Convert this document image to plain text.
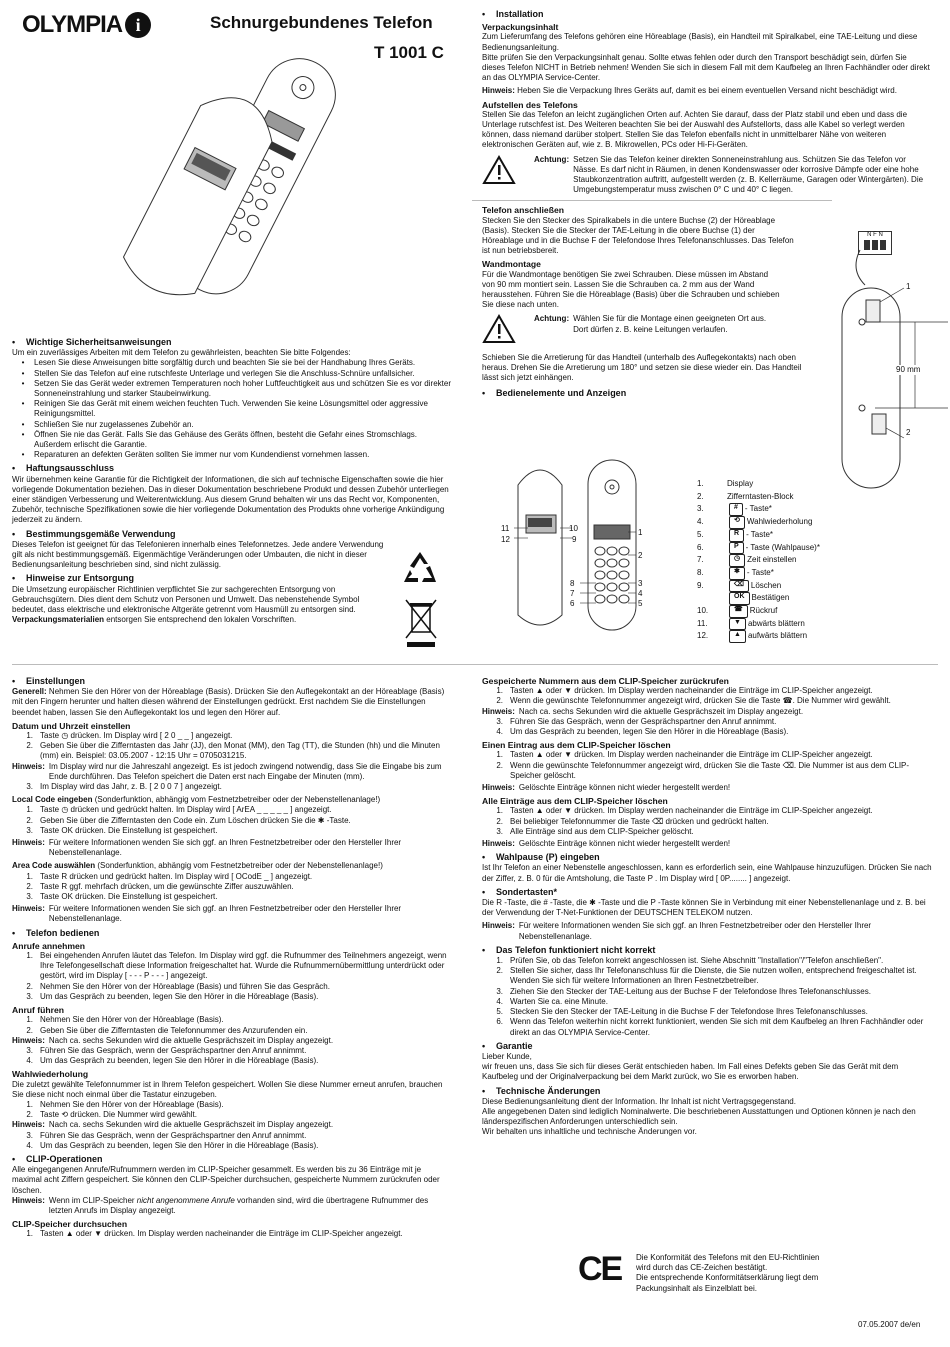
OLYMPIA i	Schnurgebundenes Telefon
T 1001 C
•	Wichtige Sicherheitsanweisungen
Um ein zuverlässiges Arbeiten mit dem Telefon zu gewährleisten, beachten Sie bitte Folgendes:
•	Lesen Sie diese Anweisungen bitte sorgfältig durch und beachten Sie sie bei der Handhabung Ihres Geräts.
•	Stellen Sie das Telefon auf eine rutschfeste Unterlage und verlegen Sie die Anschluss-Schnüre unfallsicher.
•	Setzen Sie das Gerät weder extremen Temperaturen noch hoher Luftfeuchtigkeit aus und schützen Sie es vor direkter Sonneneinstrahlung und starker Staubeinwirkung.
•	Reinigen Sie das Gerät mit einem weichen feuchten Tuch. Verwenden Sie keine Lösungsmittel oder aggressive Reinigungsmittel.
•	Schließen Sie nur zugelassenes Zubehör an.
•	Öffnen Sie nie das Gerät. Falls Sie das Gehäuse des Geräts öffnen, besteht die Gefahr eines Stromschlags. Außerdem erlischt die Garantie.
•	Reparaturen an defekten Geräten sollten Sie immer nur vom Kundendienst vornehmen lassen.
•	Haftungsausschluss
Wir übernehmen keine Garantie für die Richtigkeit der Informationen, die sich auf technische Eigenschaften sowie die hier vorliegende Dokumentation beziehen. Das in dieser Dokumentation beschriebene Produkt und dessen Zubehör unterliegen einer ständigen Verbesserung und Weiterentwicklung. Aus diesem Grund behalten wir uns das Recht vor, Komponenten, Zubehör, technische Spezifikationen sowie die hier vorliegende Dokumentation des Produkts ohne vorherige Ankündigung jederzeit zu ändern.
•	Bestimmungsgemäße Verwendung
Dieses Telefon ist geeignet für das Telefonieren innerhalb eines Telefonnetzes. Jede andere Verwendung gilt als nicht bestimmungsgemäß. Eigenmächtige Veränderungen oder Umbauten, die nicht in dieser Bedienungsanleitung beschrieben sind, sind nicht zulässig.
•	Hinweise zur Entsorgung
Die Umsetzung europäischer Richtlinien verpflichtet Sie zur sachgerechten Entsorgung von Gebrauchsgütern. Dies dient dem Schutz von Personen und Umwelt. Das nebenstehende Symbol bedeutet, dass elektrische und elektronische Altgeräte getrennt vom Hausmüll zu entsorgen sind.
Verpackungsmaterialien entsorgen Sie entsprechend den lokalen Vorschriften.
•	Installation
Verpackungsinhalt
Zum Lieferumfang des Telefons gehören eine Höreablage (Basis), ein Handteil mit Spiralkabel, eine TAE-Leitung und diese Bedienungsanleitung.
Bitte prüfen Sie den Verpackungsinhalt genau. Sollte etwas fehlen oder durch den Transport beschädigt sein, dürfen Sie dieses Telefon NICHT in Betrieb nehmen! Wenden Sie sich in diesem Fall mit dem Kaufbeleg an Ihren Fachhändler oder direkt an das OLYMPIA Service-Center.
Hinweis: Heben Sie die Verpackung Ihres Geräts auf, damit es bei einem eventuellen Versand nicht beschädigt wird.
Aufstellen des Telefons
Stellen Sie das Telefon an leicht zugänglichen Orten auf. Achten Sie darauf, dass der Platz stabil und eben und dass die Unterlage rutschfest ist. Des Weiteren beachten Sie bei der Auswahl des Aufstellorts, dass alle Kabel so verlegt werden können, dass niemand darüber stolpert. Stellen Sie das Telefon ebenfalls nicht in unmittelbarer Nähe von weiteren elektronischen Geräten auf, wie z. B. Mikrowellen, PCs oder Hi-Fi-Geräten.
Achtung: Setzen Sie das Telefon keiner direkten Sonneneinstrahlung aus. Schützen Sie das Telefon vor Nässe. Es darf nicht in Räumen, in denen Kondenswasser oder korrosive Dämpfe oder eine hohe Staubkonzentration auftritt, aufgestellt werden (z. B. Kellerräume, Garagen oder Wintergärten). Die Umgebungstemperatur muss zwischen 0° C und 40° C liegen.
Telefon anschließen
Stecken Sie den Stecker des Spiralkabels in die untere Buchse (2) der Höreablage (Basis). Stecken Sie die Stecker der TAE-Leitung in die obere Buchse (1) der Höreablage und in die Buchse F der Telefondose Ihres Telefonanschlusses. Das Telefon ist nun betriebsbereit.
Wandmontage
Für die Wandmontage benötigen Sie zwei Schrauben. Diese müssen im Abstand von 90 mm montiert sein. Lassen Sie die Schrauben ca. 2 mm aus der Wand herausstehen. Führen Sie die Höreablage (Basis) über die Schrauben und schieben Sie diese nach unten.
Achtung: Wählen Sie für die Montage einen geeigneten Ort aus. Dort dürfen z. B. keine Leitungen verlaufen.
Schieben Sie die Arretierung für das Handteil (unterhalb des Auflegekontakts) nach oben heraus. Drehen Sie die Arretierung um 180° und setzen sie diese wieder ein. Das Handteil lässt sich jetzt einhängen.
•	Bedienelemente und Anzeigen
N F N
1
2
90 mm
11
12
10
9
1
2
8
7
6
3
4
5
1.	Display
2.	Zifferntasten-Block
3.	# - Taste*
4.	⟲ Wahlwiederholung
5.	R - Taste*
6.	P - Taste (Wahlpause)*
7.	◷ Zeit einstellen
8.	✱ - Taste*
9.	⌫ Löschen
OK Bestätigen
10.	☎ Rückruf
11.	▼ abwärts blättern
12.	▲ aufwärts blättern
•	Einstellungen
Generell: Nehmen Sie den Hörer von der Höreablage (Basis). Drücken Sie den Auflegekontakt an der Höreablage (Basis) mit den Fingern herunter und halten diesen während der Einstellungen gedrückt. Erst nachdem Sie die Einstellungen beendet haben, lassen Sie den Auflegekontakt los und legen den Hörer auf.
Datum und Uhrzeit einstellen
1. Taste ◷ drücken. Im Display wird [ 2 0 _ _ ] angezeigt.
2. Geben Sie über die Zifferntasten das Jahr (JJ), den Monat (MM), den Tag (TT), die Stunden (hh) und die Minuten (mm) ein. Beispiel: 03.05.2007 - 12:15 Uhr = 0705031215.
Hinweis: Im Display wird nur die Jahreszahl angezeigt. Es ist jedoch zwingend notwendig, dass Sie die Eingabe bis zum Ende durchführen. Das Telefon speichert die Daten erst nach Eingabe der Minuten (mm).
3. Im Display wird das Jahr, z. B. [ 2 0 0 7 ] angezeigt.
Local Code eingeben (Sonderfunktion, abhängig vom Festnetzbetreiber oder der Nebenstellenanlage!)
1. Taste ◷ drücken und gedrückt halten. Im Display wird [ ArEA _ _ _ _ _ ] angezeigt.
2. Geben Sie über die Zifferntasten den Code ein. Zum Löschen drücken Sie die ✱ -Taste.
3. Taste OK drücken. Die Einstellung ist gespeichert.
Hinweis: Für weitere Informationen wenden Sie sich ggf. an Ihren Festnetzbetreiber oder den Hersteller Ihrer Nebenstellenanlage.
Area Code auswählen (Sonderfunktion, abhängig vom Festnetzbetreiber oder der Nebenstellenanlage!)
1. Taste R drücken und gedrückt halten. Im Display wird [ OCodE _ ] angezeigt.
2. Taste R ggf. mehrfach drücken, um die gewünschte Ziffer auszuwählen.
3. Taste OK drücken. Die Einstellung ist gespeichert.
Hinweis: Für weitere Informationen wenden Sie sich ggf. an Ihren Festnetzbetreiber oder den Hersteller Ihrer Nebenstellenanlage.
•	Telefon bedienen
Anrufe annehmen
1. Bei eingehenden Anrufen läutet das Telefon. Im Display wird ggf. die Rufnummer des Teilnehmers angezeigt, wenn Ihre Telefongesellschaft diese Information freigeschaltet hat. Wurde die Rufnummernübermittlung unterdrückt oder gestört, wird im Display [ - - - P - - - ] angezeigt.
2. Nehmen Sie den Hörer von der Höreablage (Basis) und führen Sie das Gespräch.
3. Um das Gespräch zu beenden, legen Sie den Hörer in die Höreablage (Basis).
Anruf führen
1. Nehmen Sie den Hörer von der Höreablage (Basis).
2. Geben Sie über die Zifferntasten die Telefonnummer des Anzurufenden ein.
Hinweis: Nach ca. sechs Sekunden wird die aktuelle Gesprächszeit im Display angezeigt.
3. Führen Sie das Gespräch, wenn der Gesprächspartner den Anruf annimmt.
4. Um das Gespräch zu beenden, legen Sie den Hörer in die Höreablage (Basis).
Wahlwiederholung
Die zuletzt gewählte Telefonnummer ist in Ihrem Telefon gespeichert. Wollen Sie diese Nummer erneut anrufen, brauchen Sie diese nicht noch einmal über die Tastatur einzugeben.
1. Nehmen Sie den Hörer von der Höreablage (Basis).
2. Taste ⟲ drücken. Die Nummer wird gewählt.
Hinweis: Nach ca. sechs Sekunden wird die aktuelle Gesprächszeit im Display angezeigt.
3. Führen Sie das Gespräch, wenn der Gesprächspartner den Anruf annimmt.
4. Um das Gespräch zu beenden, legen Sie den Hörer in die Höreablage (Basis).
•	CLIP-Operationen
Alle eingegangenen Anrufe/Rufnummern werden im CLIP-Speicher gesammelt. Es werden bis zu 36 Einträge mit je maximal acht Ziffern gespeichert. Sie können den CLIP-Speicher durchsuchen, gespeicherte Nummern zurückrufen oder löschen.
Hinweis: Wenn im CLIP-Speicher nicht angenommene Anrufe vorhanden sind, wird die übertragene Rufnummer des letzten Anrufs im Display angezeigt.
CLIP-Speicher durchsuchen
1. Tasten ▲ oder ▼ drücken. Im Display werden nacheinander die Einträge im CLIP-Speicher angezeigt.
Gespeicherte Nummern aus dem CLIP-Speicher zurückrufen
1. Tasten ▲ oder ▼ drücken. Im Display werden nacheinander die Einträge im CLIP-Speicher angezeigt.
2. Wenn die gewünschte Telefonnummer angezeigt wird, drücken Sie die Taste ☎. Die Nummer wird gewählt.
Hinweis: Nach ca. sechs Sekunden wird die aktuelle Gesprächszeit im Display angezeigt.
3. Führen Sie das Gespräch, wenn der Gesprächspartner den Anruf annimmt.
4. Um das Gespräch zu beenden, legen Sie den Hörer in die Höreablage (Basis).
Einen Eintrag aus dem CLIP-Speicher löschen
1. Tasten ▲ oder ▼ drücken. Im Display werden nacheinander die Einträge im CLIP-Speicher angezeigt.
2. Wenn die gewünschte Telefonnummer angezeigt wird, drücken Sie die Taste ⌫. Die Nummer ist aus dem CLIP-Speicher gelöscht.
Hinweis: Gelöschte Einträge können nicht wieder hergestellt werden!
Alle Einträge aus dem CLIP-Speicher löschen
1. Tasten ▲ oder ▼ drücken. Im Display werden nacheinander die Einträge im CLIP-Speicher angezeigt.
2. Bei beliebiger Telefonnummer die Taste ⌫ drücken und gedrückt halten.
3. Alle Einträge sind aus dem CLIP-Speicher gelöscht.
Hinweis: Gelöschte Einträge können nicht wieder hergestellt werden!
•	Wahlpause (P) eingeben
Ist Ihr Telefon an einer Nebenstelle angeschlossen, kann es erforderlich sein, eine Wahlpause hinzuzufügen. Drücken Sie nach der Ziffer, z. B. 0 für die Amtsholung, die Taste P . Im Display wird [ 0P........ ] angezeigt.
•	Sondertasten*
Die R -Taste, die # -Taste, die ✱ -Taste und die P -Taste können Sie in Verbindung mit einer Nebenstellenanlage und z. B. bei der Verwendung der T-Net-Funktionen der DEUTSCHEN TELEKOM nutzen.
Hinweis: Für weitere Informationen wenden Sie sich ggf. an Ihren Festnetzbetreiber oder den Hersteller Ihrer Nebenstellenanlage.
•	Das Telefon funktioniert nicht korrekt
1. Prüfen Sie, ob das Telefon korrekt angeschlossen ist. Siehe Abschnitt "Installation"/"Telefon anschließen".
2. Stellen Sie sicher, dass Ihr Telefonanschluss für die Dienste, die Sie nutzen wollen, entsprechend freigeschaltet ist. Wenden Sie sich für weitere Informationen an Ihren Festnetzbetreiber.
3. Ziehen Sie den Stecker der TAE-Leitung aus der Buchse F der Telefondose Ihres Telefonanschlusses.
4. Warten Sie ca. eine Minute.
5. Stecken Sie den Stecker der TAE-Leitung in die Buchse F der Telefondose Ihres Telefonanschlusses.
6. Wenn das Telefon weiterhin nicht korrekt funktioniert, wenden Sie sich mit dem Kaufbeleg an Ihren Fachhändler oder direkt an das OLYMPIA Service-Center.
•	Garantie
Lieber Kunde,
wir freuen uns, dass Sie sich für dieses Gerät entschieden haben. Im Fall eines Defekts geben Sie das Gerät mit dem Kaufbeleg und der Originalverpackung bei dem Markt zurück, wo Sie es erworben haben.
•	Technische Änderungen
Diese Bedienungsanleitung dient der Information. Ihr Inhalt ist nicht Vertragsgegenstand.
Alle angegebenen Daten sind lediglich Nominalwerte. Die beschriebenen Ausstattungen und Optionen können je nach den länderspezifischen Anforderungen unterschiedlich sein.
Wir behalten uns inhaltliche und technische Änderungen vor.
CE Die Konformität des Telefons mit den EU-Richtlinien
wird durch das CE-Zeichen bestätigt.
Die entsprechende Konformitätserklärung liegt dem
Packungsinhalt als Einzelblatt bei.
07.05.2007 de/en
